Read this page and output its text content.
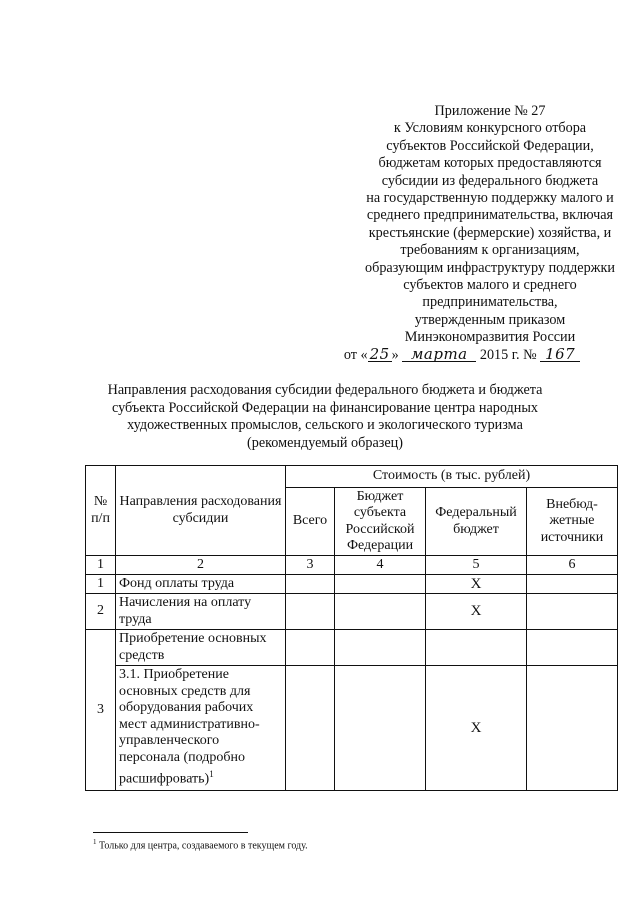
Приложение № 27
к Условиям конкурсного отбора
субъектов Российской Федерации,
бюджетам которых предоставляются
субсидии из федерального бюджета
на государственную поддержку малого и
среднего предпринимательства, включая
крестьянские (фермерские) хозяйства, и
требованиям к организациям,
образующим инфраструктуру поддержки
субъектов малого и среднего
предпринимательства,
утвержденным приказом
Минэкономразвития России
от « 25 » марта 2015 г. № 167
Направления расходования субсидии федерального бюджета и бюджета
субъекта Российской Федерации на финансирование центра народных
художественных промыслов, сельского и экологического туризма
(рекомендуемый образец)
№ п/п	Направления расходования субсидии	Стоимость (в тыс. рублей)			
		Всего	Бюджет субъекта Российской Федерации	Федеральный бюджет	Внебюд-жетные источники
1	2	3	4	5	6
1	Фонд оплаты труда			Х	
2	Начисления на оплату труда			Х	
3	Приобретение основных средств				
	3.1. Приобретение основных средств для оборудования рабочих мест административно-управленческого персонала (подробно расшифровать)$^1$			Х	
$^1$ Только для центра, создаваемого в текущем году.
